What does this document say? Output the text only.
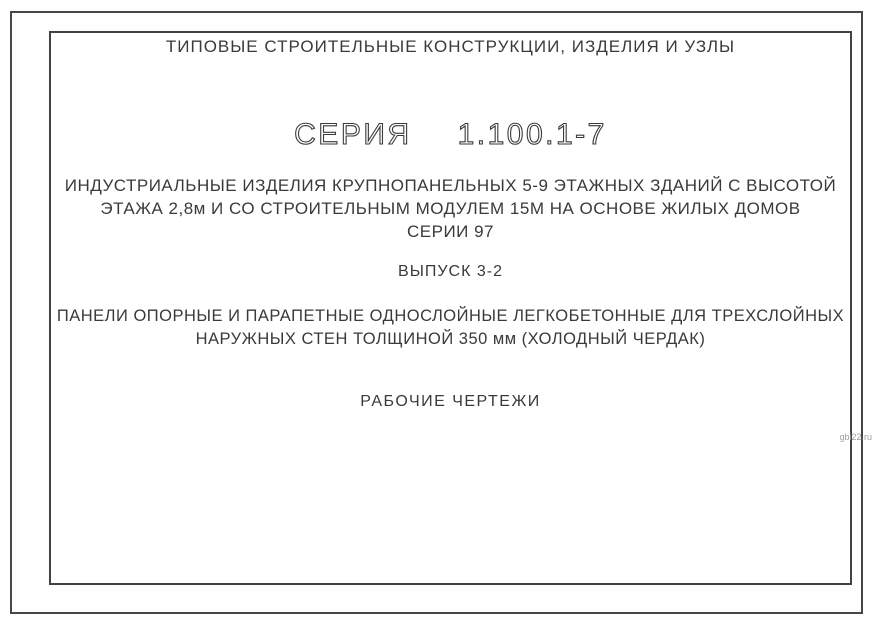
ТИПОВЫЕ СТРОИТЕЛЬНЫЕ КОНСТРУКЦИИ, ИЗДЕЛИЯ И УЗЛЫ
СЕРИЯ 1.100.1-7
ИНДУСТРИАЛЬНЫЕ ИЗДЕЛИЯ КРУПНОПАНЕЛЬНЫХ 5-9 ЭТАЖНЫХ ЗДАНИЙ С ВЫСОТОЙ
ЭТАЖА 2,8м И СО СТРОИТЕЛЬНЫМ МОДУЛЕМ 15М НА ОСНОВЕ ЖИЛЫХ ДОМОВ
СЕРИИ 97
ВЫПУСК 3-2
ПАНЕЛИ ОПОРНЫЕ И ПАРАПЕТНЫЕ ОДНОСЛОЙНЫЕ ЛЕГКОБЕТОННЫЕ ДЛЯ ТРЕХСЛОЙНЫХ
НАРУЖНЫХ СТЕН ТОЛЩИНОЙ 350 мм (ХОЛОДНЫЙ ЧЕРДАК)
РАБОЧИЕ ЧЕРТЕЖИ
gbi22.ru
